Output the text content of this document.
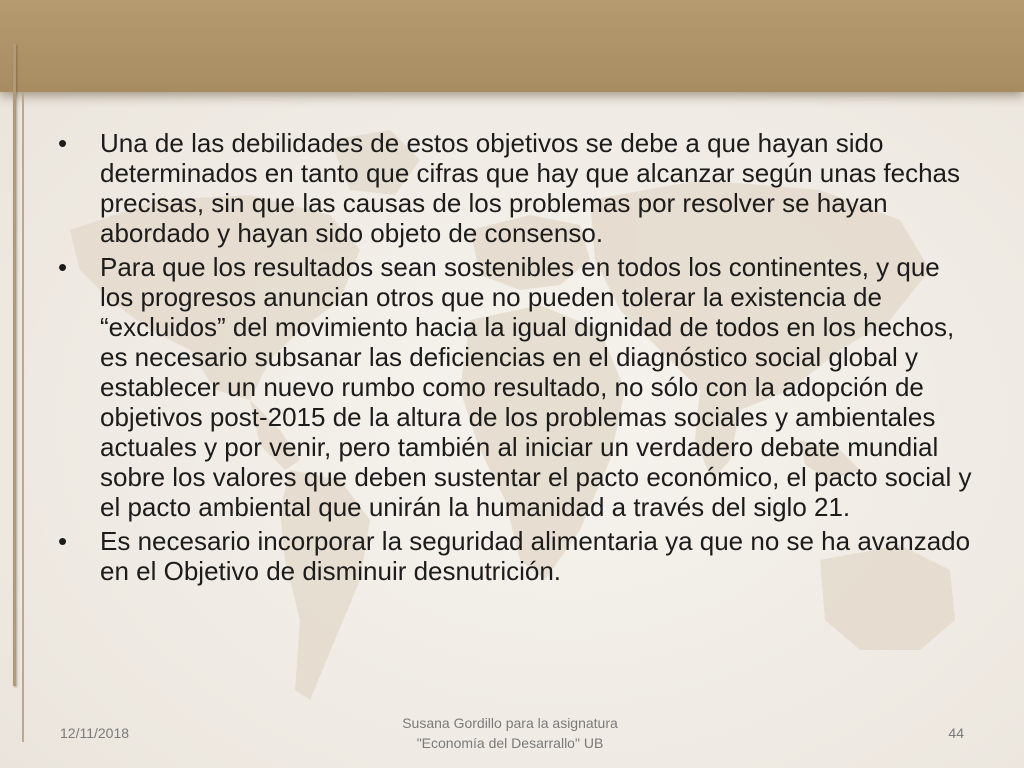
• Una de las debilidades de estos objetivos se debe a que hayan sido determinados en tanto que cifras que hay que alcanzar según unas fechas precisas, sin que las causas de los problemas por resolver se hayan abordado y hayan sido objeto de consenso.
• Para que los resultados sean sostenibles en todos los continentes, y que los progresos anuncian otros que no pueden tolerar la existencia de “excluidos” del movimiento hacia la igual dignidad de todos en los hechos, es necesario subsanar las deficiencias en el diagnóstico social global y establecer un nuevo rumbo como resultado, no sólo con la adopción de objetivos post-2015 de la altura de los problemas sociales y ambientales actuales y por venir, pero también al iniciar un verdadero debate mundial sobre los valores que deben sustentar el pacto económico, el pacto social y el pacto ambiental que unirán la humanidad a través del siglo 21.
• Es necesario incorporar la seguridad alimentaria ya que no se ha avanzado en el Objetivo de disminuir desnutrición.
12/11/2018
Susana Gordillo para la asignatura
"Economía del Desarrallo" UB
44
